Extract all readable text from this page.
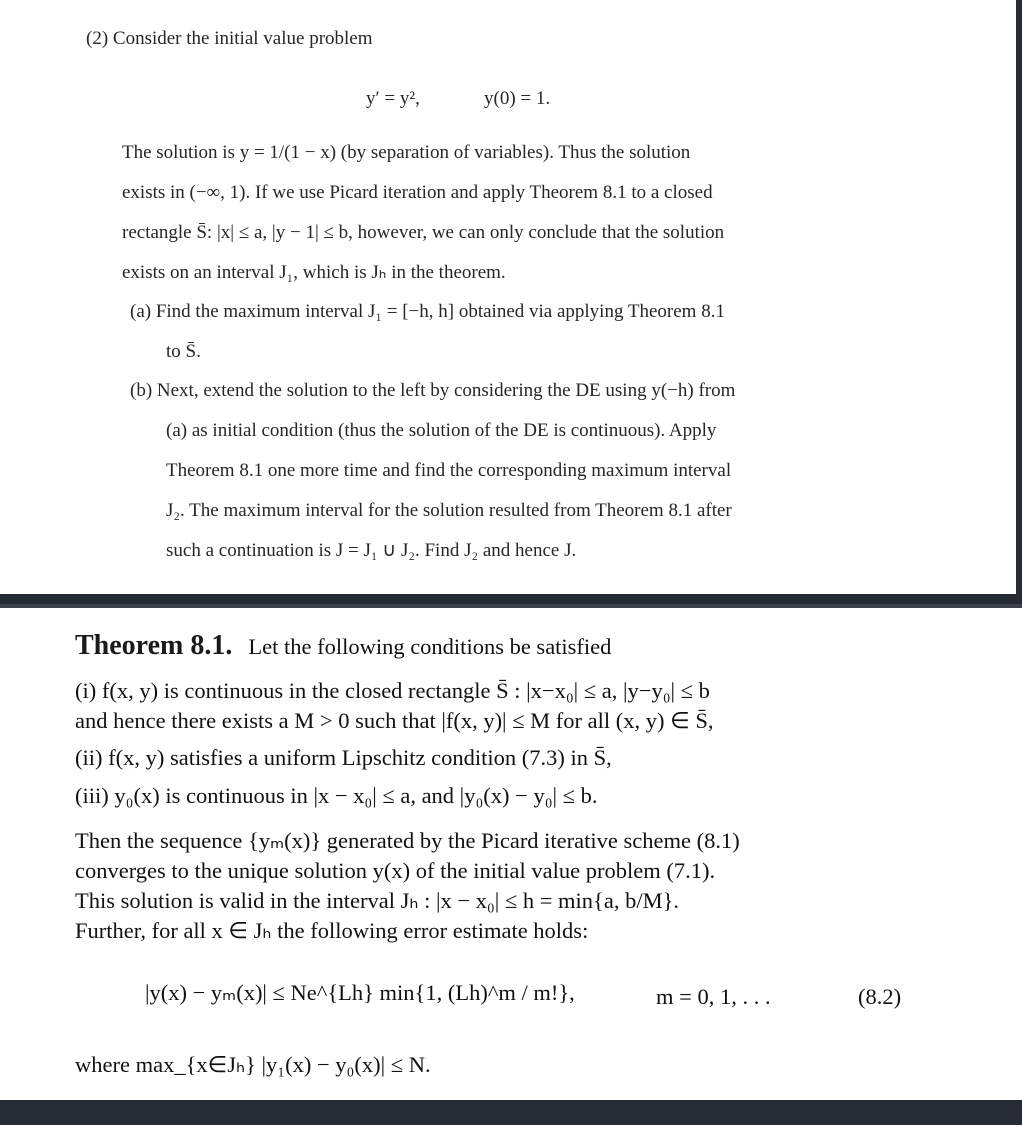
(2) Consider the initial value problem
y′ = y²,	y(0) = 1.
The solution is y = 1/(1 − x) (by separation of variables). Thus the solution
exists in (−∞, 1). If we use Picard iteration and apply Theorem 8.1 to a closed
rectangle S̄: |x| ≤ a, |y − 1| ≤ b, however, we can only conclude that the solution
exists on an interval J₁, which is Jₕ in the theorem.
(a) Find the maximum interval J₁ = [−h, h] obtained via applying Theorem 8.1
to S̄.
(b) Next, extend the solution to the left by considering the DE using y(−h) from
(a) as initial condition (thus the solution of the DE is continuous). Apply
Theorem 8.1 one more time and find the corresponding maximum interval
J₂. The maximum interval for the solution resulted from Theorem 8.1 after
such a continuation is J = J₁ ∪ J₂. Find J₂ and hence J.
Theorem 8.1. Let the following conditions be satisfied
(i) f(x, y) is continuous in the closed rectangle S̄ : |x−x₀| ≤ a, |y−y₀| ≤ b
and hence there exists a M > 0 such that |f(x, y)| ≤ M for all (x, y) ∈ S̄,
(ii) f(x, y) satisfies a uniform Lipschitz condition (7.3) in S̄,
(iii) y₀(x) is continuous in |x − x₀| ≤ a, and |y₀(x) − y₀| ≤ b.
Then the sequence {yₘ(x)} generated by the Picard iterative scheme (8.1)
converges to the unique solution y(x) of the initial value problem (7.1).
This solution is valid in the interval Jₕ : |x − x₀| ≤ h = min{a, b/M}.
Further, for all x ∈ Jₕ the following error estimate holds:
|y(x) − yₘ(x)| ≤ Ne^{Lh} min{1, (Lh)^m / m!},	m = 0, 1, . . .	(8.2)
where max_{x∈Jₕ} |y₁(x) − y₀(x)| ≤ N.
